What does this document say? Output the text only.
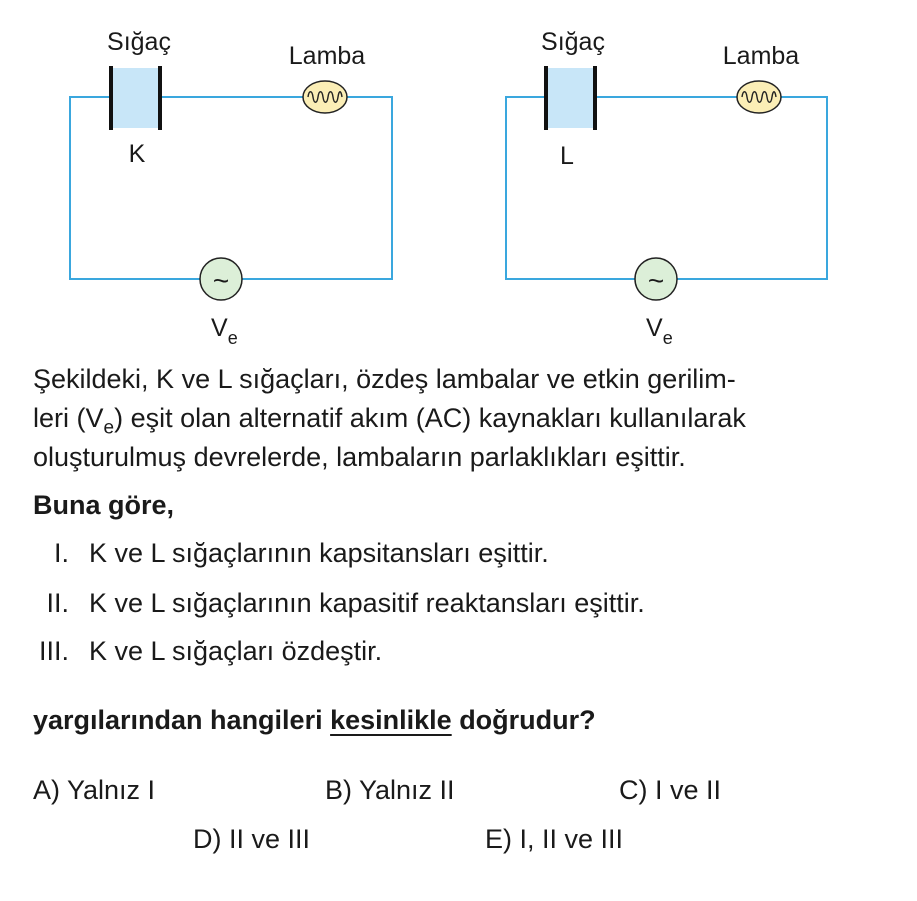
~
Sığaç	Lamba
K
$V_e$
~
Sığaç	Lamba
L
$V_e$
Şekildeki, K ve L sığaçları, özdeş lambalar ve etkin gerilim-
leri $(V_e)$ eşit olan alternatif akım (AC) kaynakları kullanılarak
oluşturulmuş devrelerde, lambaların parlaklıkları eşittir.
Buna göre,
I. K ve L sığaçlarının kapsitansları eşittir.
II. K ve L sığaçlarının kapasitif reaktansları eşittir.
III. K ve L sığaçları özdeştir.
yargılarından hangileri kesinlikle doğrudur?
A) Yalnız I	B) Yalnız II	C) I ve II
D) II ve III	E) I, II ve III
